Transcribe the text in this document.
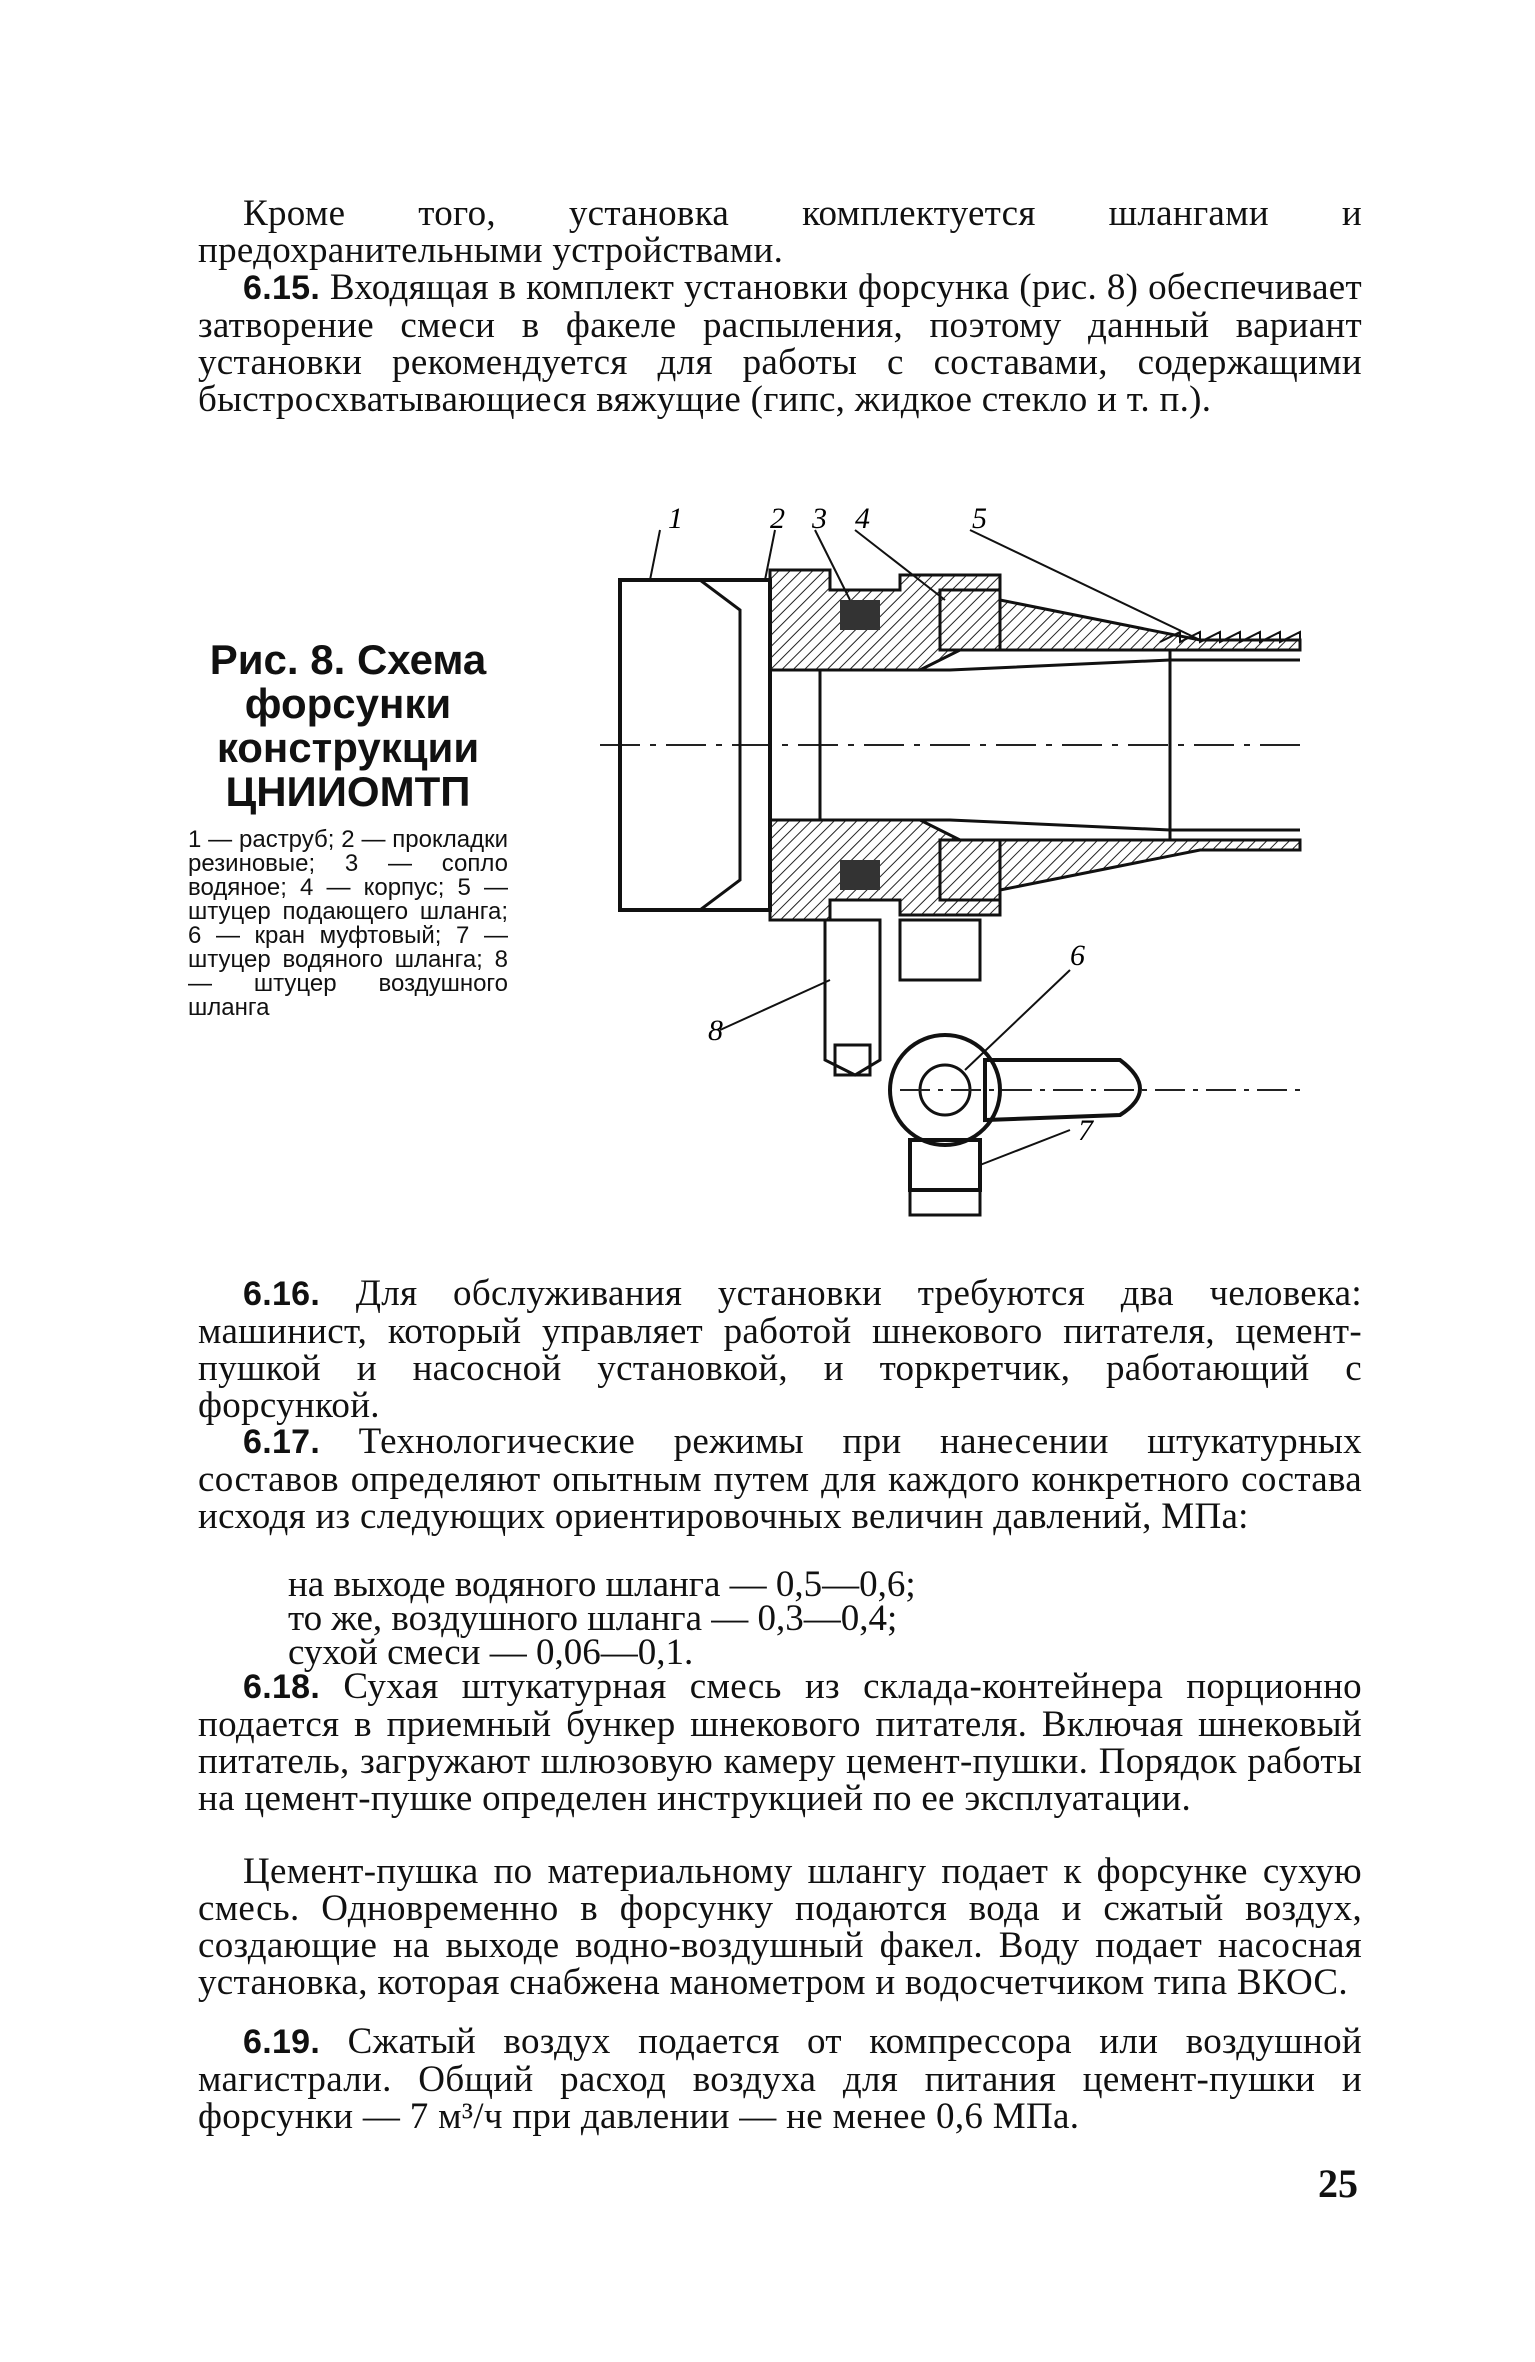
Кроме того, установка комплектуется шлангами и предохранительными устройствами.
6.15. Входящая в комплект установки форсунка (рис. 8) обеспечивает затворение смеси в факеле распыления, поэтому данный вариант установки рекомендуется для работы с составами, содержащими быстросхватывающиеся вяжущие (гипс, жидкое стекло и т. п.).
Рис. 8. Схема форсунки конструкции ЦНИИОМТП
1 — раструб; 2 — прокладки резиновые; 3 — сопло водяное; 4 — корпус; 5 — штуцер подающего шланга; 6 — кран муфтовый; 7 — штуцер водяного шланга; 8 — штуцер воздушного шланга
1	2 3 4	5
6
7
8
6.16. Для обслуживания установки требуются два человека: машинист, который управляет работой шнекового питателя, цемент-пушкой и насосной установкой, и торкретчик, работающий с форсункой.
6.17. Технологические режимы при нанесении штукатурных составов определяют опытным путем для каждого конкретного состава исходя из следующих ориентировочных величин давлений, МПа:
на выходе водяного шланга — 0,5—0,6;
то же, воздушного шланга — 0,3—0,4;
сухой смеси — 0,06—0,1.
6.18. Сухая штукатурная смесь из склада-контейнера порционно подается в приемный бункер шнекового питателя. Включая шнековый питатель, загружают шлюзовую камеру цемент-пушки. Порядок работы на цемент-пушке определен инструкцией по ее эксплуатации.
Цемент-пушка по материальному шлангу подает к форсунке сухую смесь. Одновременно в форсунку подаются вода и сжатый воздух, создающие на выходе водно-воздушный факел. Воду подает насосная установка, которая снабжена манометром и водосчетчиком типа ВКОС.
6.19. Сжатый воздух подается от компрессора или воздушной магистрали. Общий расход воздуха для питания цемент-пушки и форсунки — 7 м³/ч при давлении — не менее 0,6 МПа.
25
